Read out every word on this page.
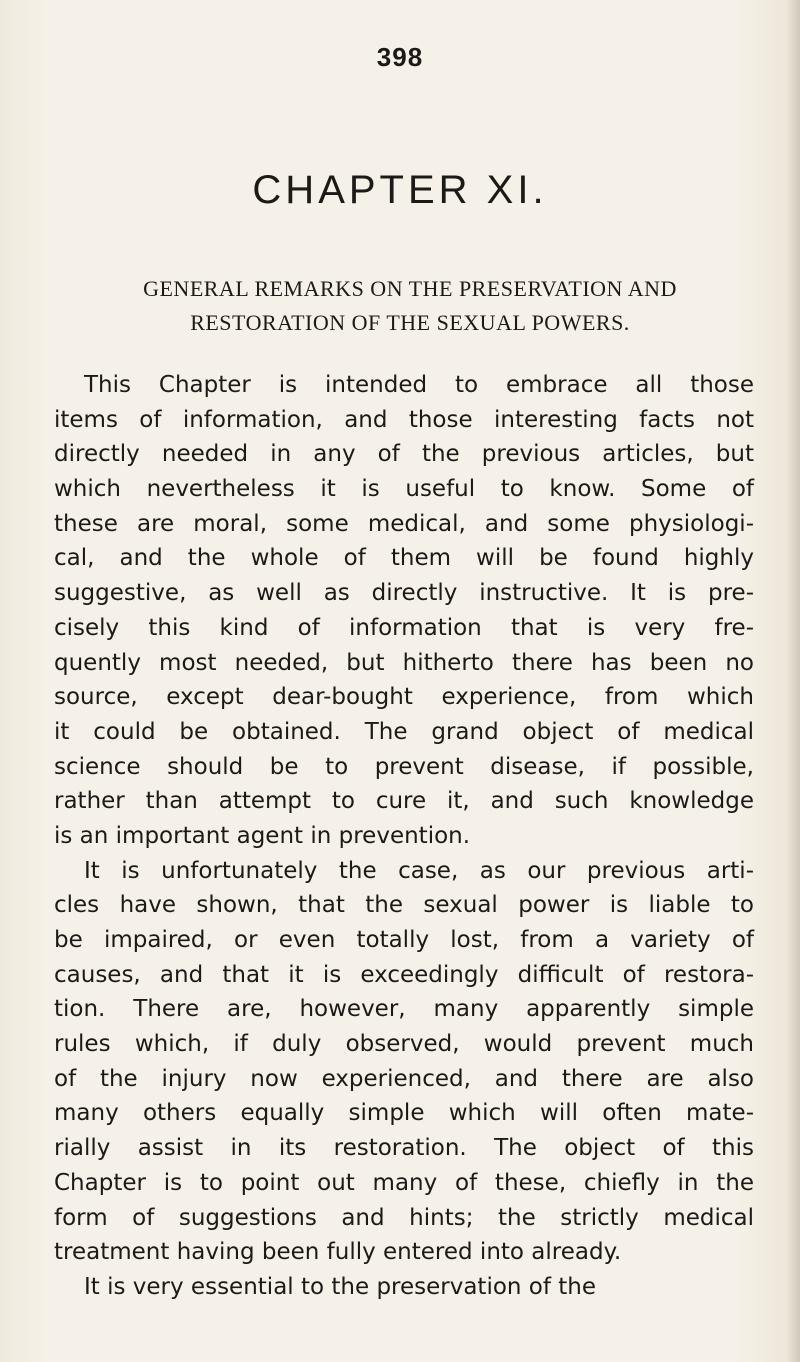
398
CHAPTER XI.
GENERAL REMARKS ON THE PRESERVATION AND
RESTORATION OF THE SEXUAL POWERS.
This Chapter is intended to embrace all those
items of information, and those interesting facts not
directly needed in any of the previous articles, but
which nevertheless it is useful to know. Some of
these are moral, some medical, and some physiologi-
cal, and the whole of them will be found highly
suggestive, as well as directly instructive. It is pre-
cisely this kind of information that is very fre-
quently most needed, but hitherto there has been no
source, except dear-bought experience, from which
it could be obtained. The grand object of medical
science should be to prevent disease, if possible,
rather than attempt to cure it, and such knowledge
is an important agent in prevention.
It is unfortunately the case, as our previous arti-
cles have shown, that the sexual power is liable to
be impaired, or even totally lost, from a variety of
causes, and that it is exceedingly difficult of restora-
tion. There are, however, many apparently simple
rules which, if duly observed, would prevent much
of the injury now experienced, and there are also
many others equally simple which will often mate-
rially assist in its restoration. The object of this
Chapter is to point out many of these, chiefly in the
form of suggestions and hints; the strictly medical
treatment having been fully entered into already.
It is very essential to the preservation of the
